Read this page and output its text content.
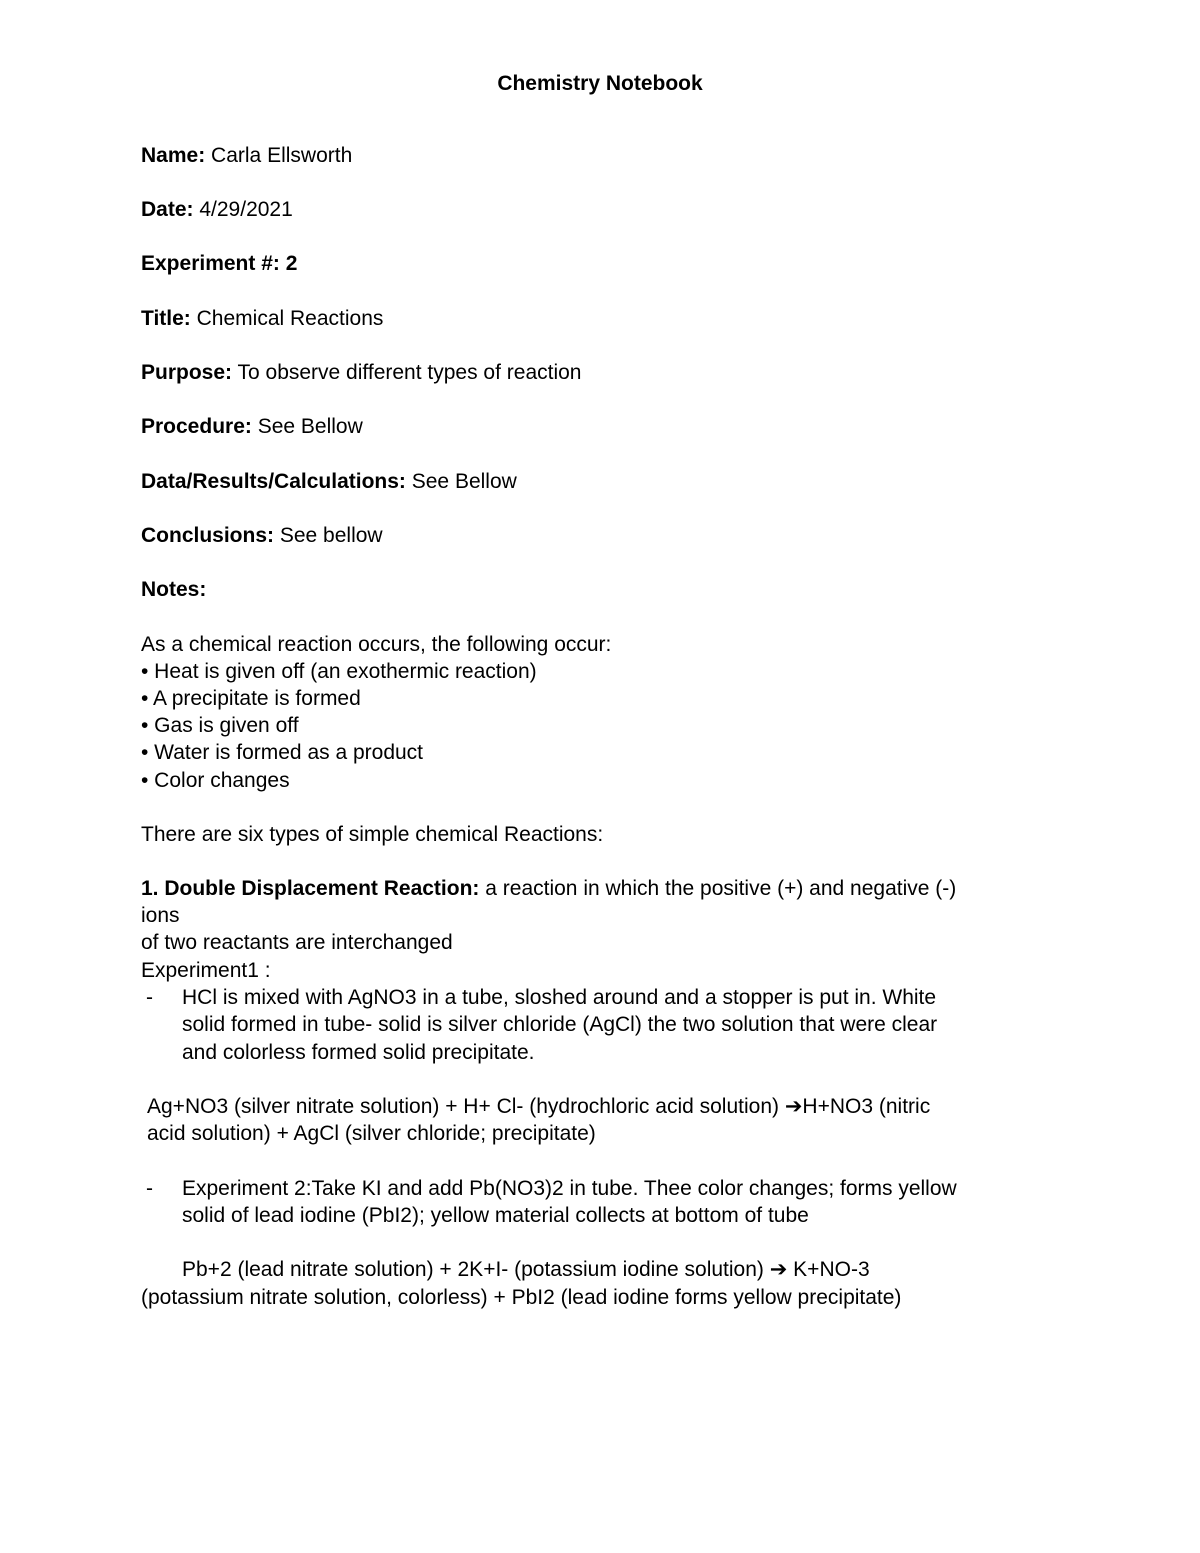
Chemistry Notebook
Name: Carla Ellsworth
Date: 4/29/2021
Experiment #: 2
Title: Chemical Reactions
Purpose: To observe different types of reaction
Procedure: See Bellow
Data/Results/Calculations: See Bellow
Conclusions: See bellow
Notes:
As a chemical reaction occurs, the following occur:
• Heat is given off (an exothermic reaction)
• A precipitate is formed
• Gas is given off
• Water is formed as a product
• Color changes
There are six types of simple chemical Reactions:
1. Double Displacement Reaction: a reaction in which the positive (+) and negative (-)
ions
of two reactants are interchanged
Experiment1 :
- HCl is mixed with AgNO3 in a tube, sloshed around and a stopper is put in. White
solid formed in tube- solid is silver chloride (AgCl) the two solution that were clear
and colorless formed solid precipitate.
Ag+NO3 (silver nitrate solution) + H+ Cl- (hydrochloric acid solution) ➔H+NO3 (nitric
acid solution) + AgCl (silver chloride; precipitate)
- Experiment 2:Take KI and add Pb(NO3)2 in tube. Thee color changes; forms yellow
solid of lead iodine (PbI2); yellow material collects at bottom of tube
Pb+2 (lead nitrate solution) + 2K+I- (potassium iodine solution) ➔ K+NO-3
(potassium nitrate solution, colorless) + PbI2 (lead iodine forms yellow precipitate)
